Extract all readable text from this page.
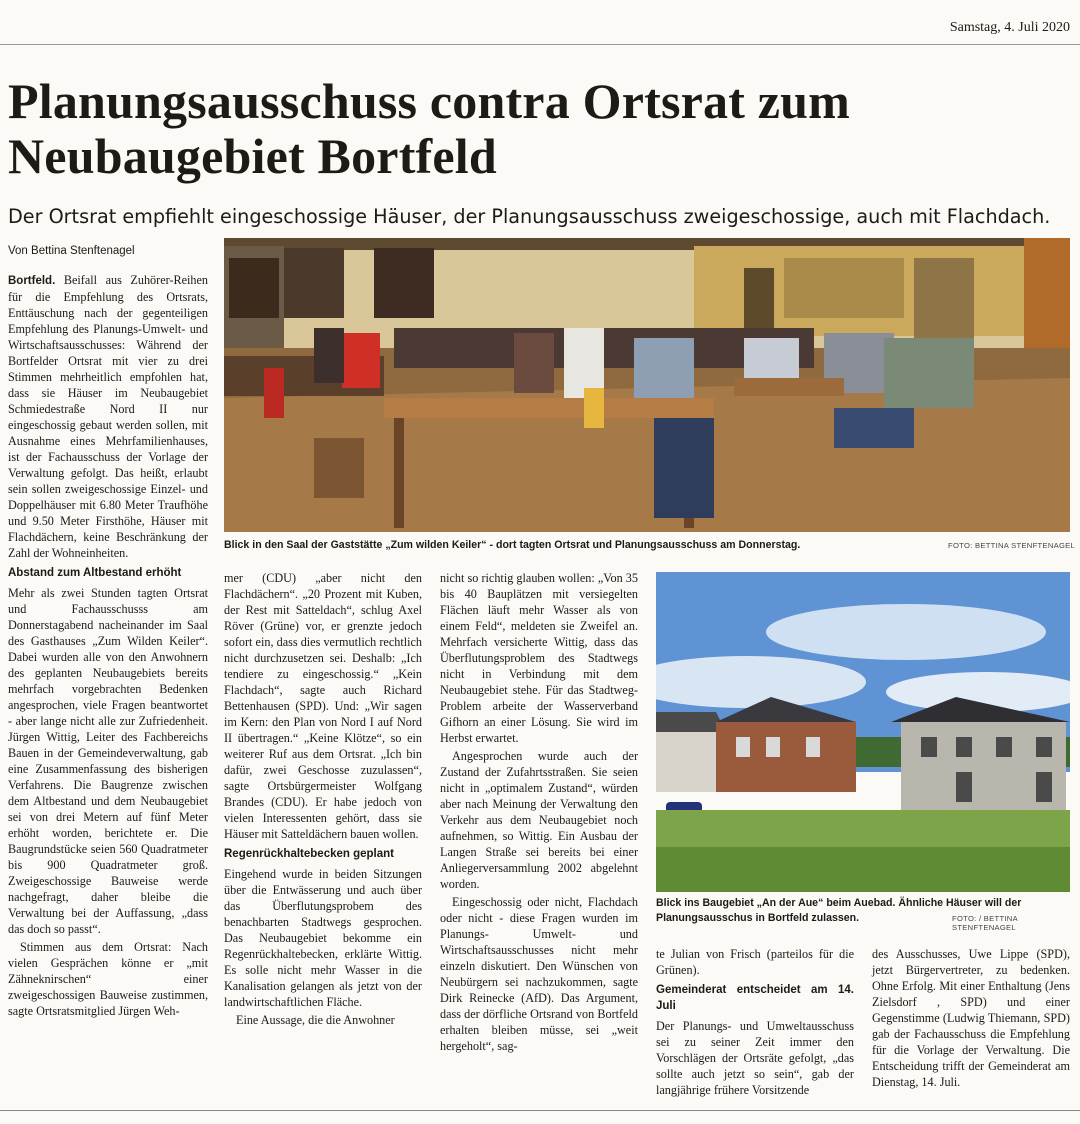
Samstag, 4. Juli 2020
Planungsausschuss contra Ortsrat zum
Neubaugebiet Bortfeld
Der Ortsrat empfiehlt eingeschossige Häuser, der Planungsausschuss zweigeschossige, auch mit Flachdach.
Von Bettina Stenftenagel

Bortfeld. Beifall aus Zuhörer-Reihen für die Empfehlung des Ortsrats, Enttäuschung nach der gegenteiligen Empfehlung des Planungs-Umwelt- und Wirtschaftsausschusses: Während der Bortfelder Ortsrat mit vier zu drei Stimmen mehrheitlich empfohlen hat, dass sie Häuser im Neubaugebiet Schmiedestraße Nord II nur eingeschossig gebaut werden sollen, mit Ausnahme eines Mehrfamilienhauses, ist der Fachausschuss der Vorlage der Verwaltung gefolgt. Das heißt, erlaubt sein sollen zweigeschossige Einzel- und Doppelhäuser mit 6.80 Meter Traufhöhe und 9.50 Meter Firsthöhe, Häuser mit Flachdächern, keine Beschränkung der Zahl der Wohneinheiten.

Abstand zum Altbestand erhöht

Mehr als zwei Stunden tagten Ortsrat und Fachausschusss am Donnerstagabend nacheinander im Saal des Gasthauses „Zum Wilden Keiler“. Dabei wurden alle von den Anwohnern des geplanten Neubaugebiets bereits mehrfach vorgebrachten Bedenken angesprochen, viele Fragen beantwortet - aber lange nicht alle zur Zufriedenheit. Jürgen Wittig, Leiter des Fachbereichs Bauen in der Gemeindeverwaltung, gab eine Zusammenfassung des bisherigen Verfahrens. Die Baugrenze zwischen dem Altbestand und dem Neubaugebiet sei von drei Metern auf fünf Meter erhöht worden, berichtete er. Die Baugrundstücke seien 560 Quadratmeter bis 900 Quadratmeter groß. Zweigeschossige Bauweise werde nachgefragt, daher bleibe die Verwaltung bei der Auffassung, „dass das doch so passt“.

Stimmen aus dem Ortsrat: Nach vielen Gesprächen könne er „mit Zähneknirschen“ einer zweigeschossigen Bauweise zustimmen, sagte Ortsratsmitglied Jürgen Weh-

Blick in den Saal der Gaststätte „Zum wilden Keiler“ - dort tagten Ortsrat und Planungsausschuss am Donnerstag.	FOTO: BETTINA STENFTENAGEL

mer (CDU) „aber nicht den Flachdächern“. „20 Prozent mit Kuben, der Rest mit Satteldach“, schlug Axel Röver (Grüne) vor, er grenzte jedoch sofort ein, dass dies vermutlich rechtlich nicht durchzusetzen sei. Deshalb: „Ich tendiere zu eingeschossig.“ „Kein Flachdach“, sagte auch Richard Bettenhausen (SPD). Und: „Wir sagen im Kern: den Plan von Nord I auf Nord II übertragen.“ „Keine Klötze“, so ein weiterer Ruf aus dem Ortsrat. „Ich bin dafür, zwei Geschosse zuzulassen“, sagte Ortsbürgermeister Wolfgang Brandes (CDU). Er habe jedoch von vielen Interessenten gehört, dass sie Häuser mit Satteldächern bauen wollen.

Regenrückhaltebecken geplant

Eingehend wurde in beiden Sitzungen über die Entwässerung und auch über das Überflutungsprobem des benachbarten Stadtwegs gesprochen. Das Neubaugebiet bekomme ein Regenrückhaltebecken, erklärte Wittig. Es solle nicht mehr Wasser in die Kanalisation gelangen als jetzt von der landwirtschaftlichen Fläche.

Eine Aussage, die die Anwohner

nicht so richtig glauben wollen: „Von 35 bis 40 Bauplätzen mit versiegelten Flächen läuft mehr Wasser als von einem Feld“, meldeten sie Zweifel an. Mehrfach versicherte Wittig, dass das Überflutungsproblem des Stadtwegs nicht in Verbindung mit dem Neubaugebiet stehe. Für das Stadtweg-Problem arbeite der Wasserverband Gifhorn an einer Lösung. Sie wird im Herbst erwartet.

Angesprochen wurde auch der Zustand der Zufahrtsstraßen. Sie seien nicht in „optimalem Zustand“, würden aber nach Meinung der Verwaltung den Verkehr aus dem Neubaugebiet noch aufnehmen, so Wittig. Ein Ausbau der Langen Straße sei bereits bei einer Anliegerversammlung 2002 abgelehnt worden.

Eingeschossig oder nicht, Flachdach oder nicht - diese Fragen wurden im Planungs- Umwelt- und Wirtschaftsausschusses nicht mehr einzeln diskutiert. Den Wünschen von Neubürgern sei nachzukommen, sagte Dirk Reinecke (AfD). Das Argument, dass der dörfliche Ortsrand von Bortfeld erhalten bleiben müsse, sei „weit hergeholt“, sag-

Blick ins Baugebiet „An der Aue“ beim Auebad. Ähnliche Häuser will der Planungsausschus in Bortfeld zulassen.	FOTO: / BETTINA STENFTENAGEL

te Julian von Frisch (parteilos für die Grünen).

Gemeinderat entscheidet am 14. Juli

Der Planungs- und Umweltausschuss sei zu seiner Zeit immer den Vorschlägen der Ortsräte gefolgt, „das sollte auch jetzt so sein“, gab der langjährige frühere Vorsitzende

des Ausschusses, Uwe Lippe (SPD), jetzt Bürgervertreter, zu bedenken. Ohne Erfolg. Mit einer Enthaltung (Jens Zielsdorf , SPD) und einer Gegenstimme (Ludwig Thiemann, SPD) gab der Fachausschuss die Empfehlung für die Vorlage der Verwaltung. Die Entscheidung trifft der Gemeinderat am Dienstag, 14. Juli.
